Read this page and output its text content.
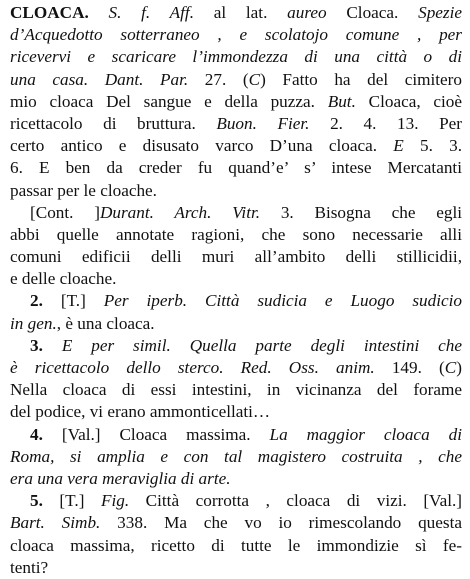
CLOACA. S. f. Aff. al lat. aureo Cloaca. Spezie
d’Acquedotto sotterraneo , e scolatojo comune , per
ricevervi e scaricare l’immondezza di una città o di
una casa. Dant. Par. 27. (C) Fatto ha del cimitero
mio cloaca Del sangue e della puzza. But. Cloaca, cioè
ricettacolo di bruttura. Buon. Fier. 2. 4. 13. Per
certo antico e disusato varco D’una cloaca. E 5. 3.
6. E ben da creder fu quand’e’ s’ intese Mercatanti
passar per le cloache.
[Cont. ]Durant. Arch. Vitr. 3. Bisogna che egli
abbi quelle annotate ragioni, che sono necessarie alli
comuni edificii delli muri all’ambito delli stillicidii,
e delle cloache.
2. [T.] Per iperb. Città sudicia e Luogo sudicio
in gen., è una cloaca.
3. E per simil. Quella parte degli intestini che
è ricettacolo dello sterco. Red. Oss. anim. 149. (C)
Nella cloaca di essi intestini, in vicinanza del forame
del podice, vi erano ammonticellati…
4. [Val.] Cloaca massima. La maggior cloaca di
Roma, si amplia e con tal magistero costruita , che
era una vera meraviglia di arte.
5. [T.] Fig. Città corrotta , cloaca di vizi. [Val.]
Bart. Simb. 338. Ma che vo io rimescolando questa
cloaca massima, ricetto di tutte le immondizie sì fe-
tenti?
